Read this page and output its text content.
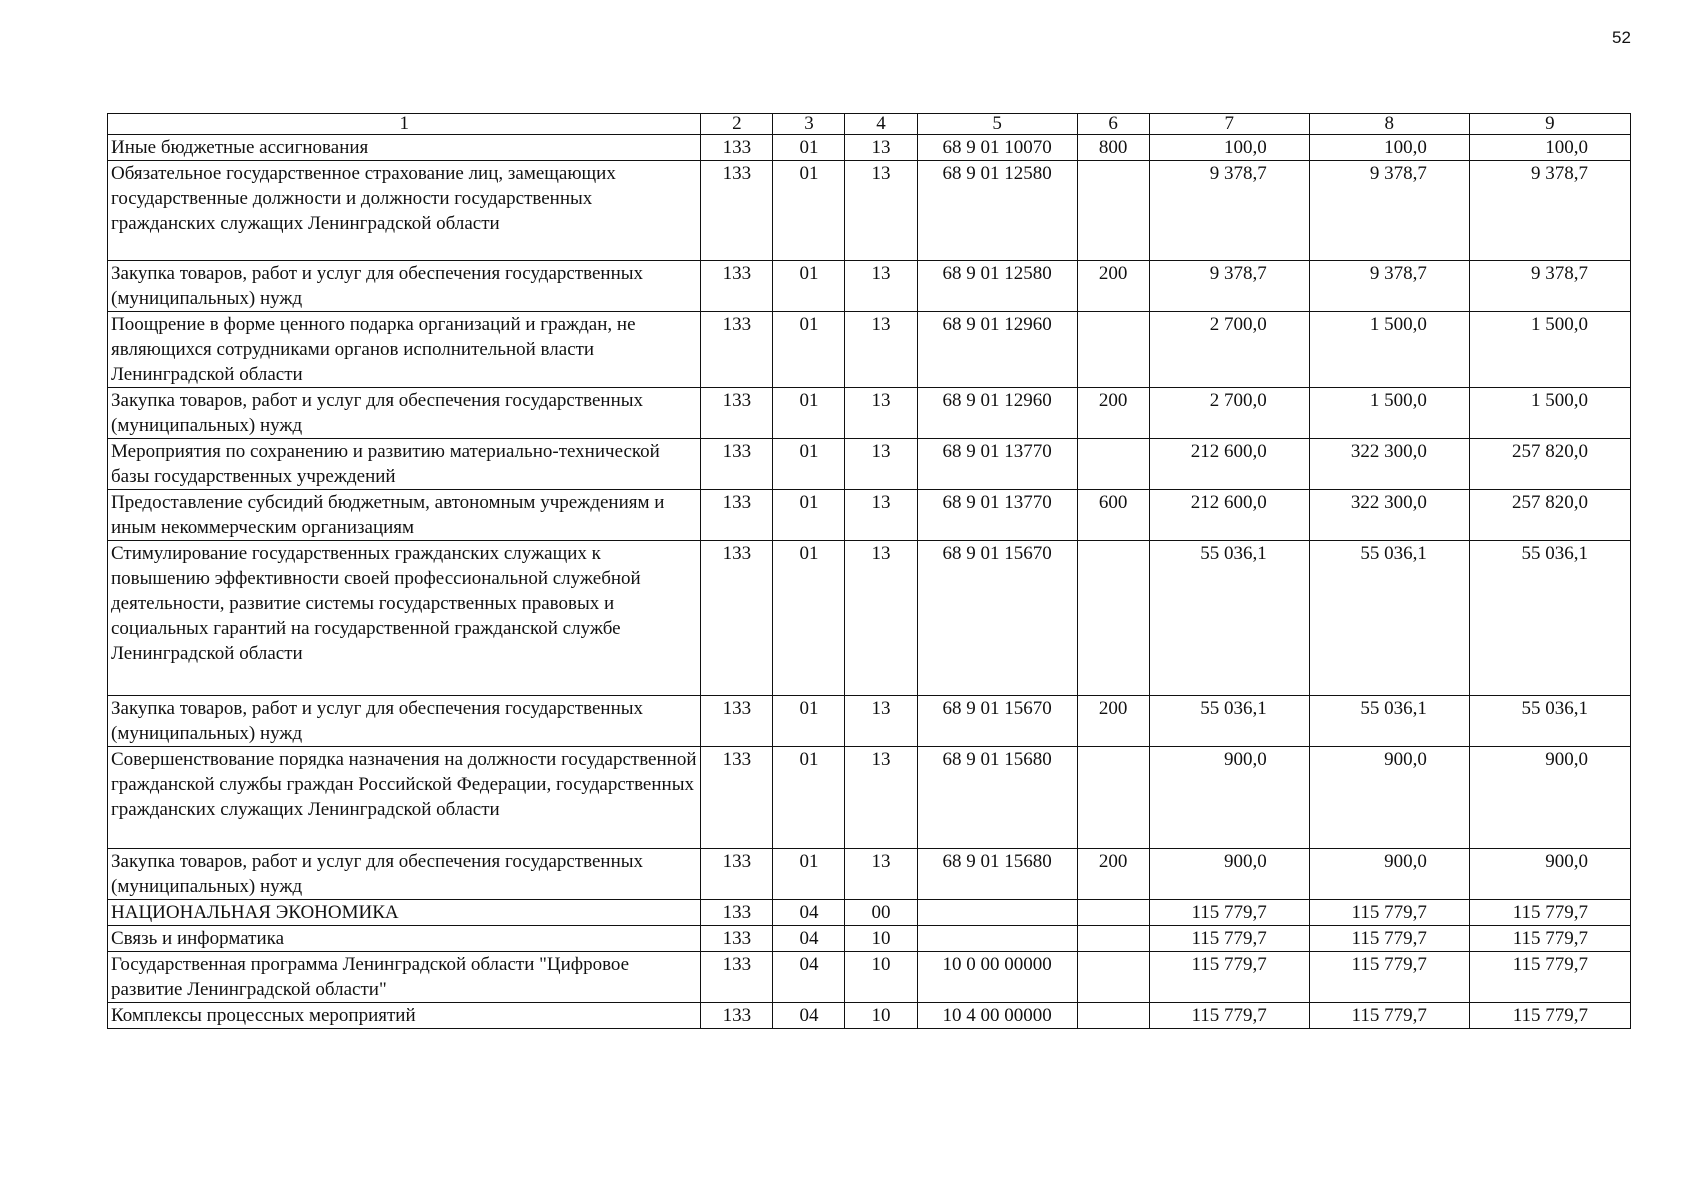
52
1	2	3	4	5	6	7	8	9
Иные бюджетные ассигнования	133	01	13	68 9 01 10070	800	100,0	100,0	100,0
Обязательное государственное страхование лиц, замещающих государственные должности и должности государственных гражданских служащих Ленинградской области	133	01	13	68 9 01 12580		9 378,7	9 378,7	9 378,7
Закупка товаров, работ и услуг для обеспечения государственных (муниципальных) нужд	133	01	13	68 9 01 12580	200	9 378,7	9 378,7	9 378,7
Поощрение в форме ценного подарка организаций и граждан, не являющихся сотрудниками органов исполнительной власти Ленинградской области	133	01	13	68 9 01 12960		2 700,0	1 500,0	1 500,0
Закупка товаров, работ и услуг для обеспечения государственных (муниципальных) нужд	133	01	13	68 9 01 12960	200	2 700,0	1 500,0	1 500,0
Мероприятия по сохранению и развитию материально-технической базы государственных учреждений	133	01	13	68 9 01 13770		212 600,0	322 300,0	257 820,0
Предоставление субсидий бюджетным, автономным учреждениям и иным некоммерческим организациям	133	01	13	68 9 01 13770	600	212 600,0	322 300,0	257 820,0
Стимулирование государственных гражданских служащих к повышению эффективности своей профессиональной служебной деятельности, развитие системы государственных правовых и социальных гарантий на государственной гражданской службе Ленинградской области	133	01	13	68 9 01 15670		55 036,1	55 036,1	55 036,1
Закупка товаров, работ и услуг для обеспечения государственных (муниципальных) нужд	133	01	13	68 9 01 15670	200	55 036,1	55 036,1	55 036,1
Совершенствование порядка назначения на должности государственной гражданской службы граждан Российской Федерации, государственных гражданских служащих Ленинградской области	133	01	13	68 9 01 15680		900,0	900,0	900,0
Закупка товаров, работ и услуг для обеспечения государственных (муниципальных) нужд	133	01	13	68 9 01 15680	200	900,0	900,0	900,0
НАЦИОНАЛЬНАЯ ЭКОНОМИКА	133	04	00			115 779,7	115 779,7	115 779,7
Связь и информатика	133	04	10			115 779,7	115 779,7	115 779,7
Государственная программа Ленинградской области "Цифровое развитие Ленинградской области"	133	04	10	10 0 00 00000		115 779,7	115 779,7	115 779,7
Комплексы процессных мероприятий	133	04	10	10 4 00 00000		115 779,7	115 779,7	115 779,7
